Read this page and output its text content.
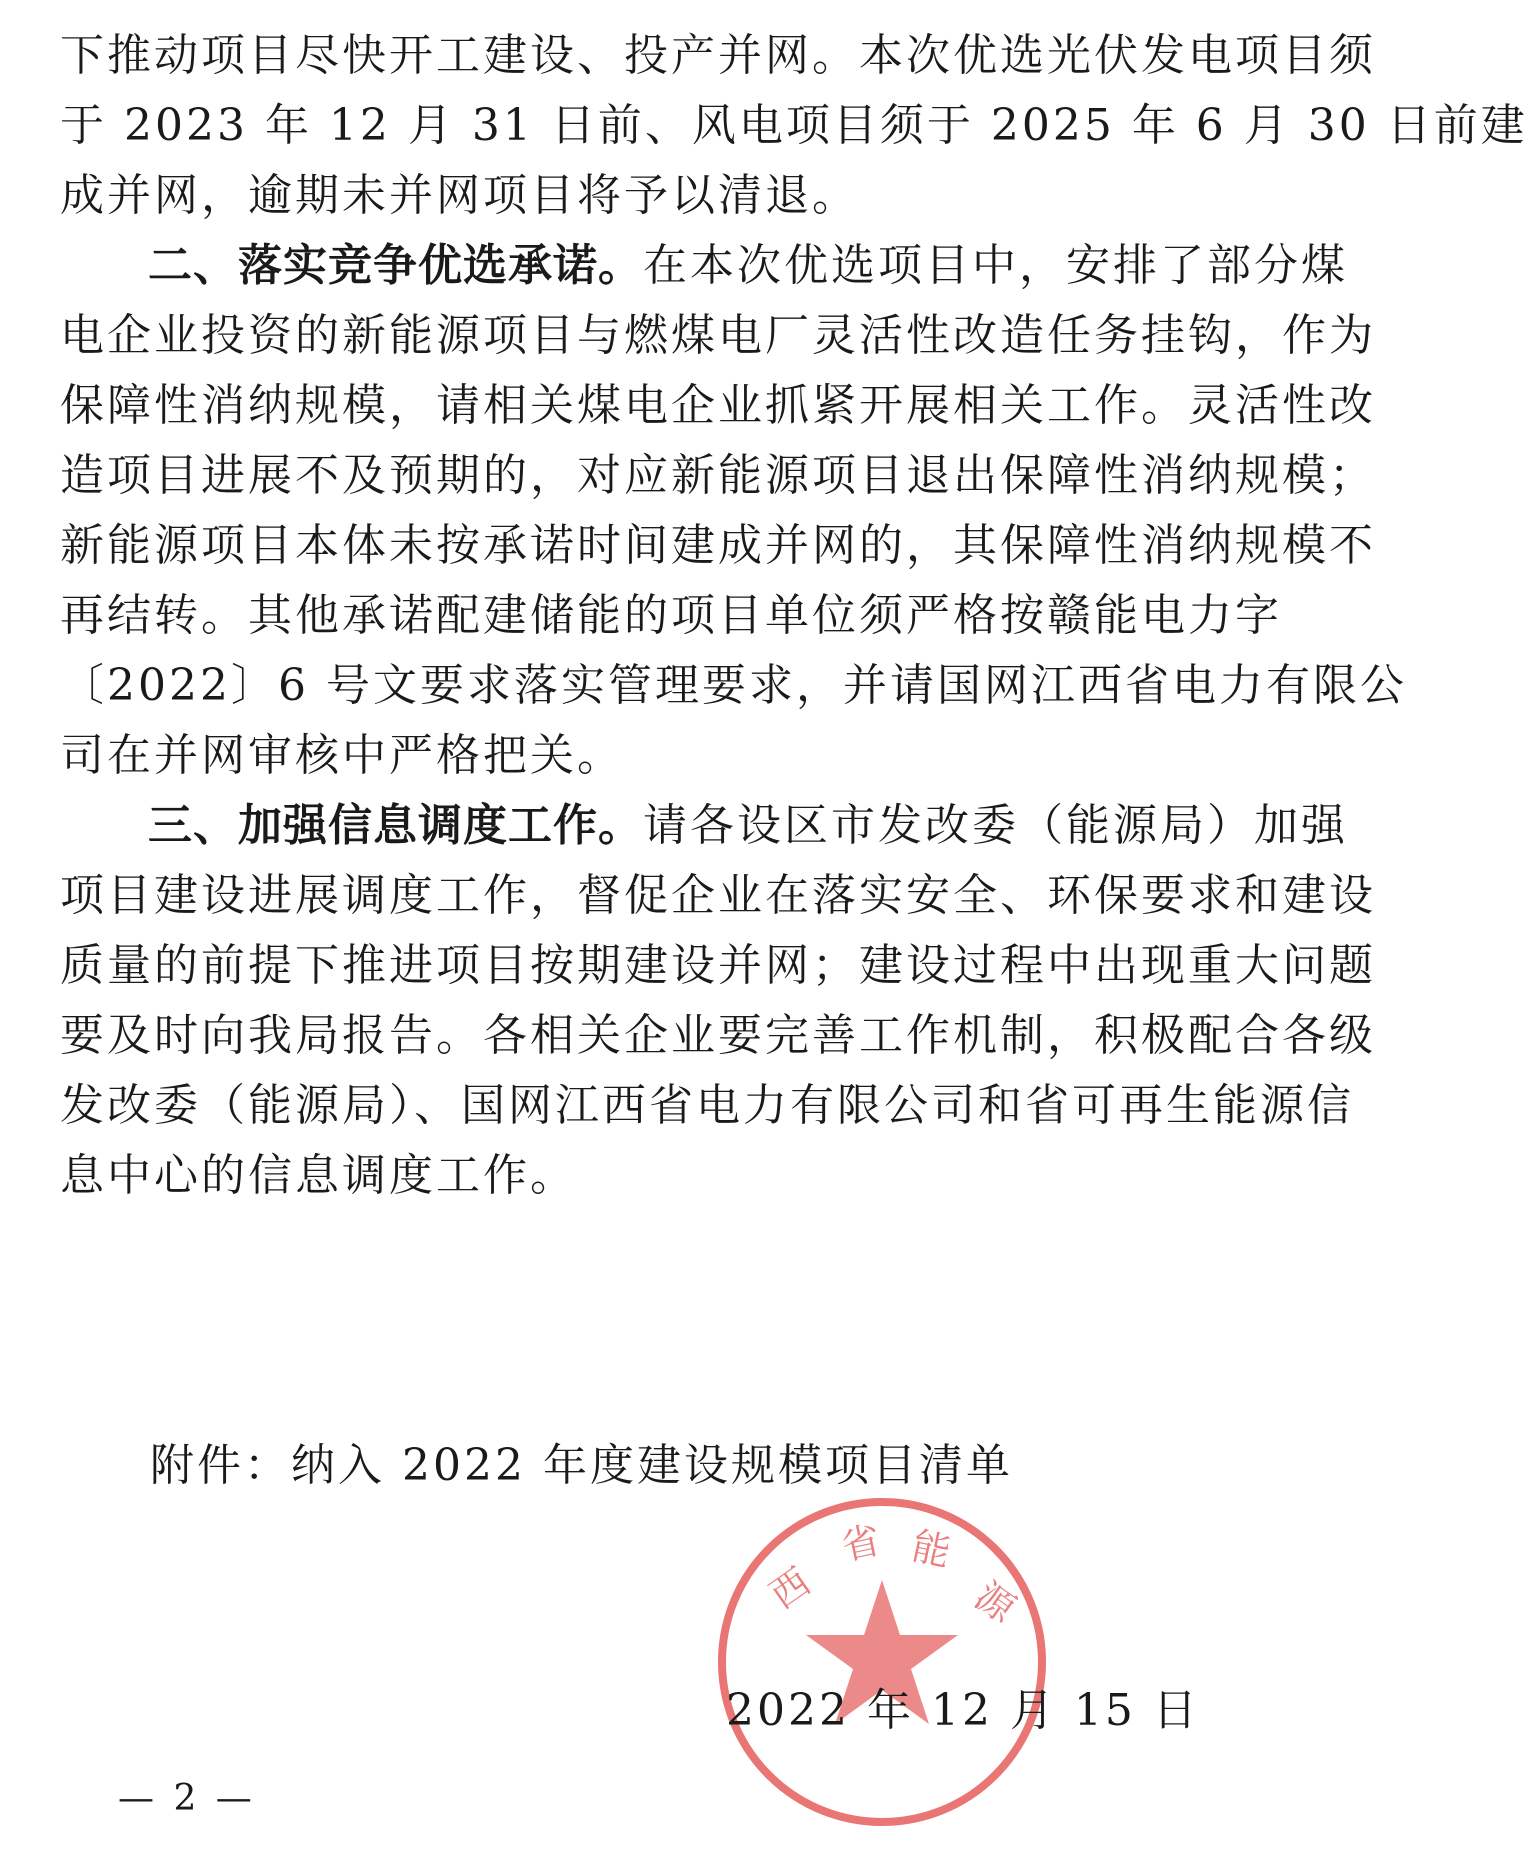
下推动项目尽快开工建设、投产并网。本次优选光伏发电项目须
于 2023 年 12 月 31 日前、风电项目须于 2025 年 6 月 30 日前建
成并网，逾期未并网项目将予以清退。
二、落实竞争优选承诺。在本次优选项目中，安排了部分煤
电企业投资的新能源项目与燃煤电厂灵活性改造任务挂钩，作为
保障性消纳规模，请相关煤电企业抓紧开展相关工作。灵活性改
造项目进展不及预期的，对应新能源项目退出保障性消纳规模；
新能源项目本体未按承诺时间建成并网的，其保障性消纳规模不
再结转。其他承诺配建储能的项目单位须严格按赣能电力字
〔2022〕6 号文要求落实管理要求，并请国网江西省电力有限公
司在并网审核中严格把关。
三、加强信息调度工作。请各设区市发改委（能源局）加强
项目建设进展调度工作，督促企业在落实安全、环保要求和建设
质量的前提下推进项目按期建设并网；建设过程中出现重大问题
要及时向我局报告。各相关企业要完善工作机制，积极配合各级
发改委（能源局）、国网江西省电力有限公司和省可再生能源信
息中心的信息调度工作。
附件：纳入 2022 年度建设规模项目清单
西
省 能
源
2022 年 12 月 15 日
— 2 —
